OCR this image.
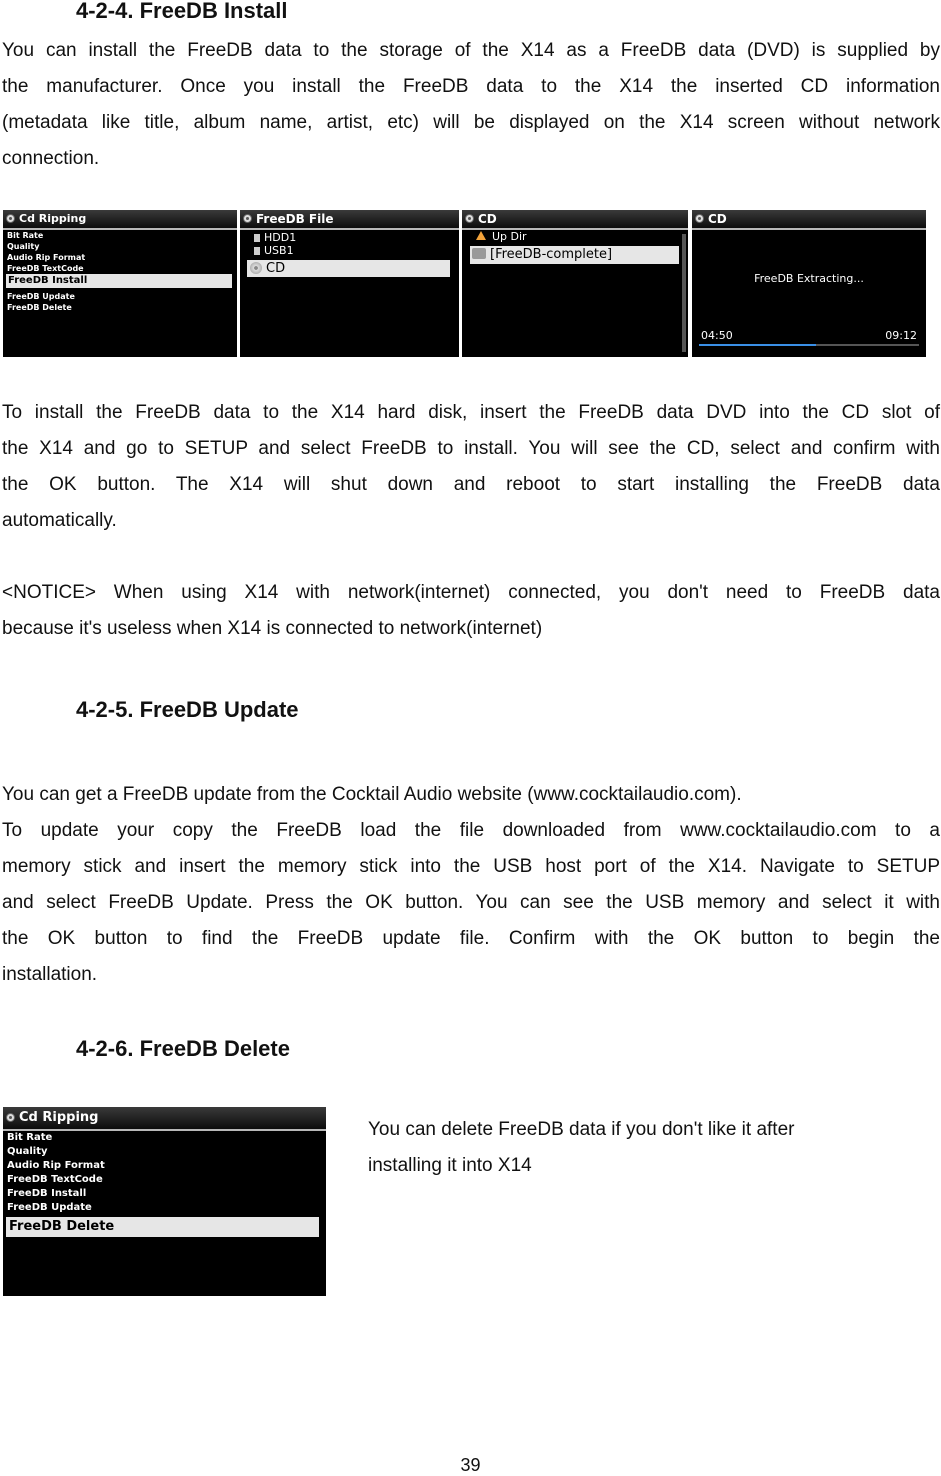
4-2-4. FreeDB Install
You can install the FreeDB data to the storage of the X14 as a FreeDB data (DVD) is supplied by
the manufacturer. Once you install the FreeDB data to the X14 the inserted CD information
(metadata like title, album name, artist, etc) will be displayed on the X14 screen without network
connection.
Cd Ripping
Bit Rate
Quality
Audio Rip Format
FreeDB TextCode
FreeDB Install
FreeDB Update
FreeDB Delete
FreeDB File
HDD1
USB1
CD
CD
Up Dir
[FreeDB-complete]
CD
FreeDB Extracting...
04:50	09:12
To install the FreeDB data to the X14 hard disk, insert the FreeDB data DVD into the CD slot of
the X14 and go to SETUP and select FreeDB to install. You will see the CD, select and confirm with
the OK button. The X14 will shut down and reboot to start installing the FreeDB data
automatically.
<NOTICE> When using X14 with network(internet) connected, you don't need to FreeDB data
because it's useless when X14 is connected to network(internet)
4-2-5. FreeDB Update
You can get a FreeDB update from the Cocktail Audio website (www.cocktailaudio.com).
To update your copy the FreeDB load the file downloaded from www.cocktailaudio.com to a
memory stick and insert the memory stick into the USB host port of the X14. Navigate to SETUP
and select FreeDB Update. Press the OK button. You can see the USB memory and select it with
the OK button to find the FreeDB update file. Confirm with the OK button to begin the
installation.
4-2-6. FreeDB Delete
Cd Ripping
Bit Rate
Quality
Audio Rip Format
FreeDB TextCode
FreeDB Install
FreeDB Update
FreeDB Delete
You can delete FreeDB data if you don't like it after
installing it into X14
39
